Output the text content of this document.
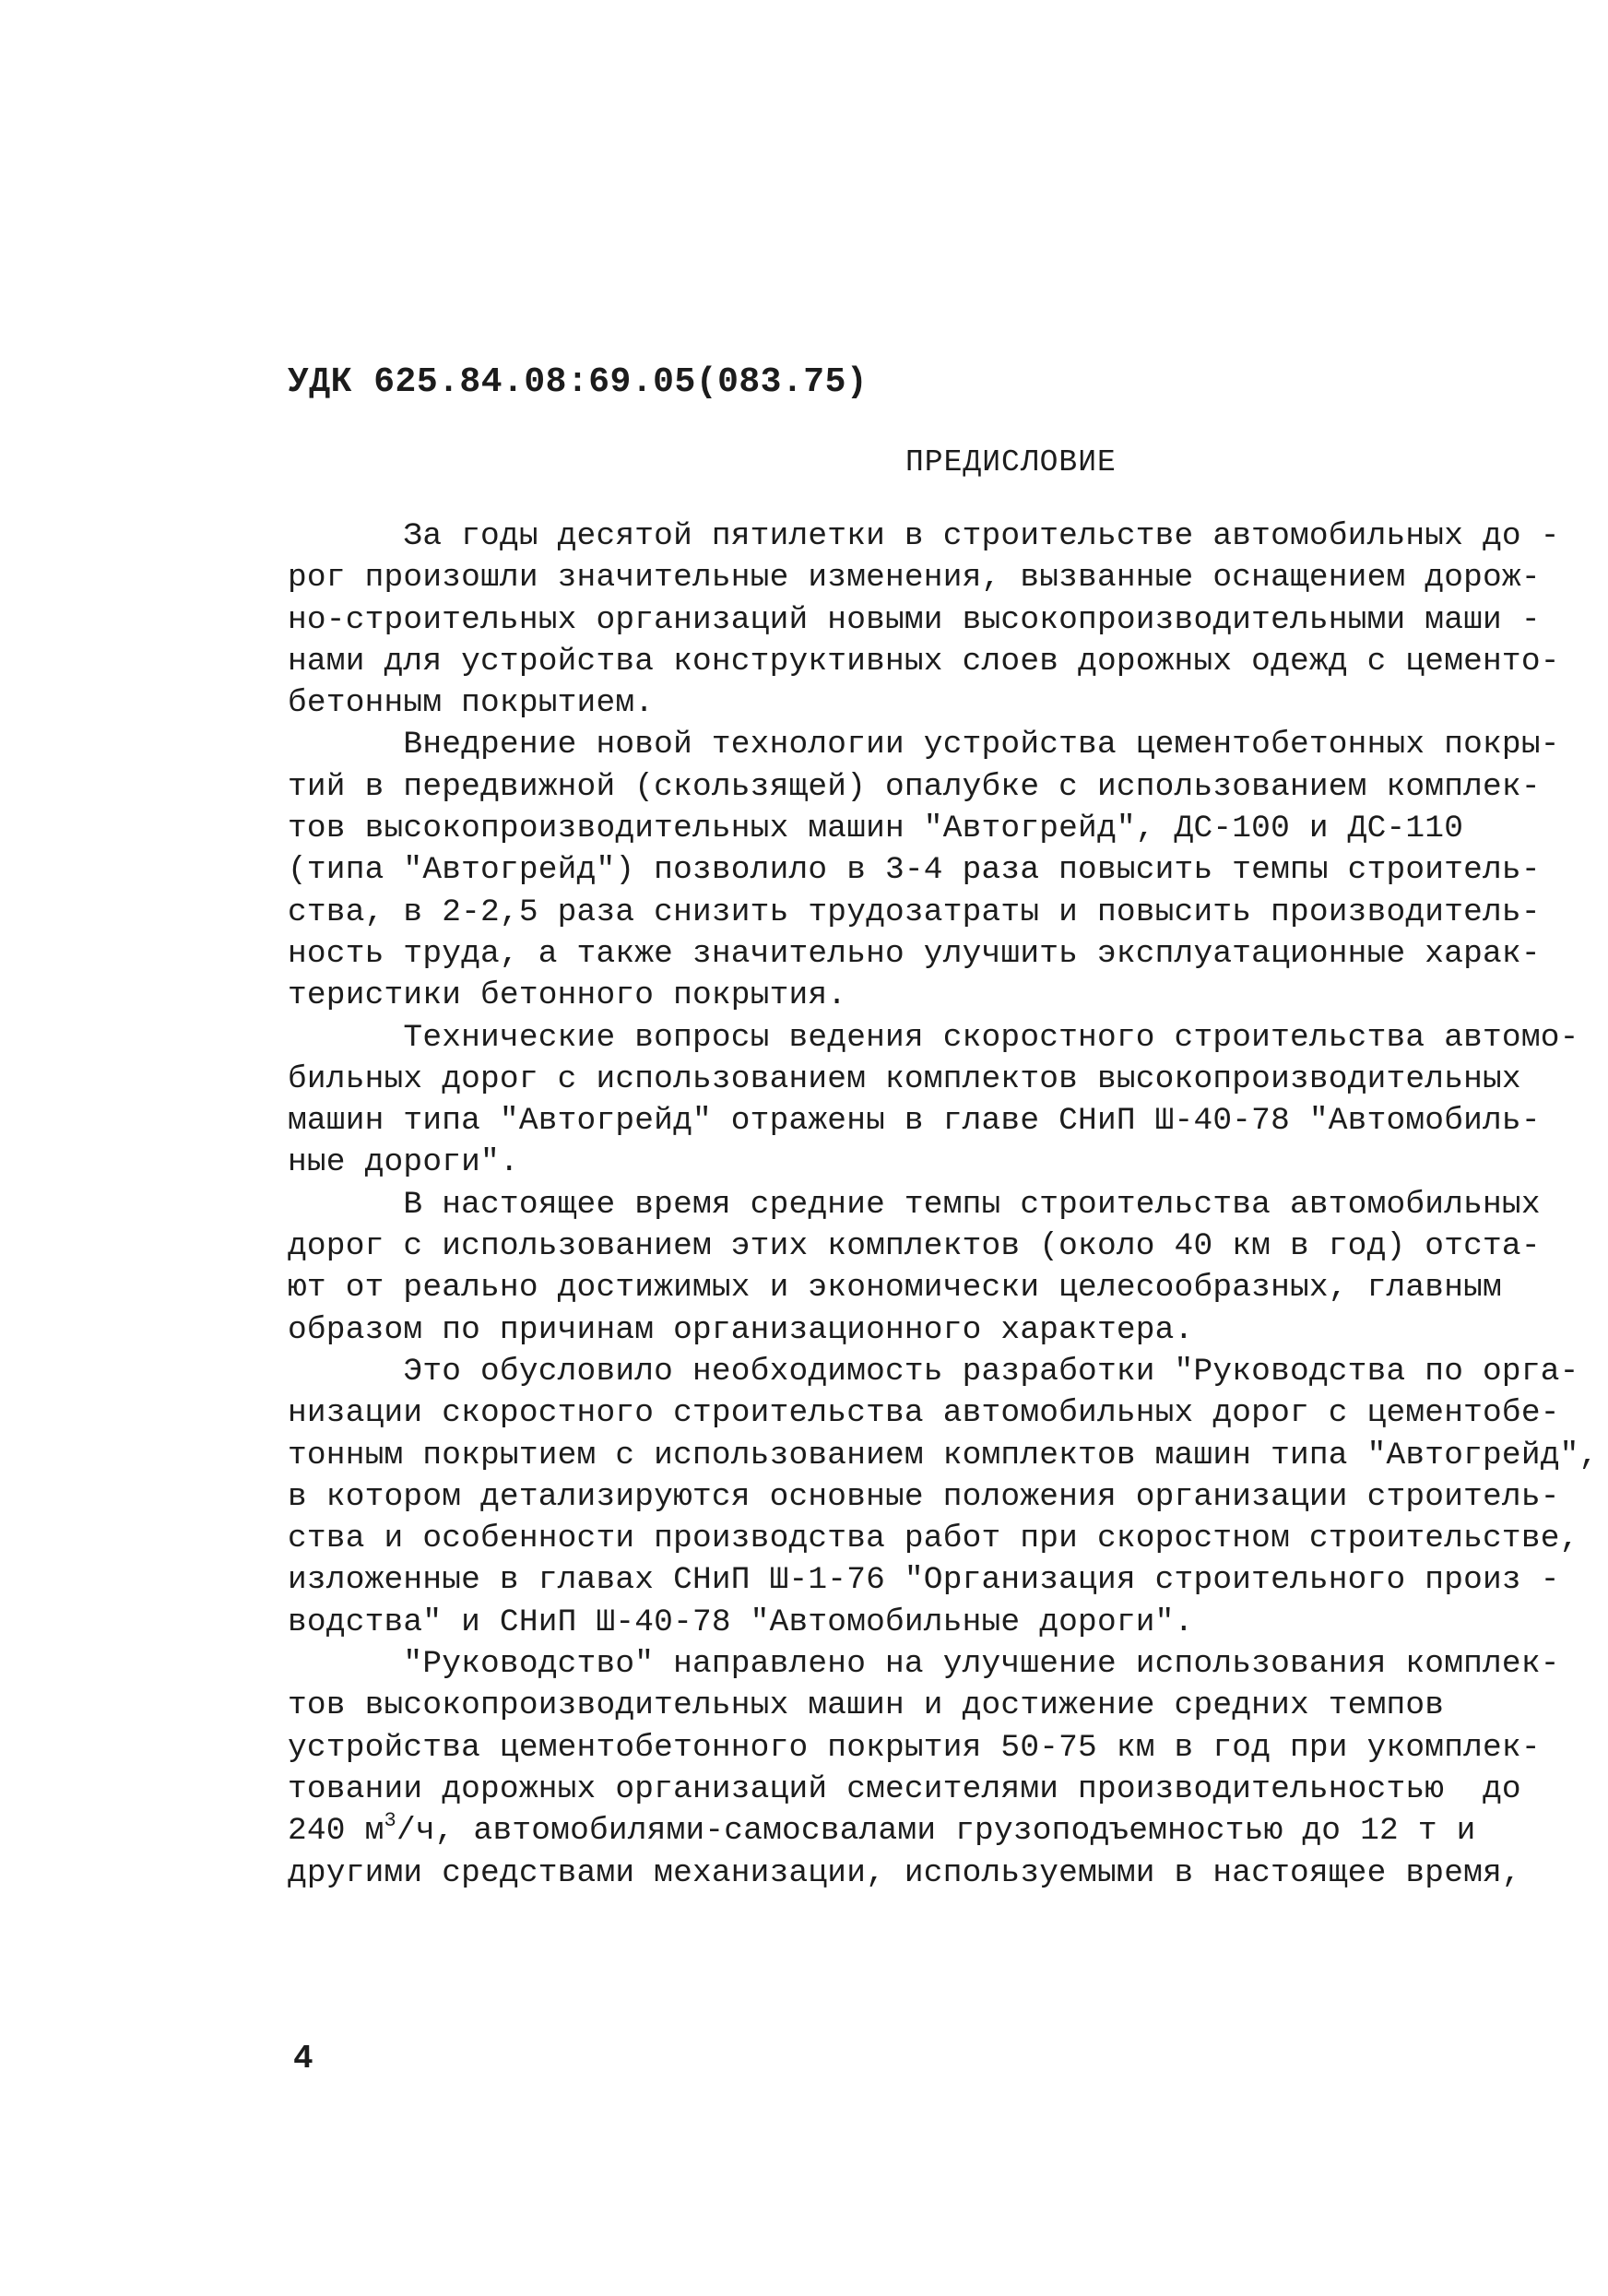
УДК 625.84.08:69.05(083.75)
ПРЕДИСЛОВИЕ
За годы десятой пятилетки в строительстве автомобильных до -
рог произошли значительные изменения, вызванные оснащением дорож-
но-строительных организаций новыми высокопроизводительными маши -
нами для устройства конструктивных слоев дорожных одежд с цементо-
бетонным покрытием.
Внедрение новой технологии устройства цементобетонных покры-
тий в передвижной (скользящей) опалубке с использованием комплек-
тов высокопроизводительных машин "Автогрейд", ДС-100 и ДС-110
(типа "Автогрейд") позволило в 3-4 раза повысить темпы строитель-
ства, в 2-2,5 раза снизить трудозатраты и повысить производитель-
ность труда, а также значительно улучшить эксплуатационные харак-
теристики бетонного покрытия.
Технические вопросы ведения скоростного строительства автомо-
бильных дорог с использованием комплектов высокопроизводительных
машин типа "Автогрейд" отражены в главе СНиП Ш-40-78 "Автомобиль-
ные дороги".
В настоящее время средние темпы строительства автомобильных
дорог с использованием этих комплектов (около 40 км в год) отста-
ют от реально достижимых и экономически целесообразных, главным
образом по причинам организационного характера.
Это обусловило необходимость разработки "Руководства по орга-
низации скоростного строительства автомобильных дорог с цементобе-
тонным покрытием с использованием комплектов машин типа "Автогрейд",
в котором детализируются основные положения организации строитель-
ства и особенности производства работ при скоростном строительстве,
изложенные в главах СНиП Ш-1-76 "Организация строительного произ -
водства" и СНиП Ш-40-78 "Автомобильные дороги".
"Руководство" направлено на улучшение использования комплек-
тов высокопроизводительных машин и достижение средних темпов
устройства цементобетонного покрытия 50-75 км в год при укомплек-
товании дорожных организаций смесителями производительностью  до
240 $м^3/ч$, автомобилями-самосвалами грузоподъемностью до 12 т и
другими средствами механизации, используемыми в настоящее время,
4
